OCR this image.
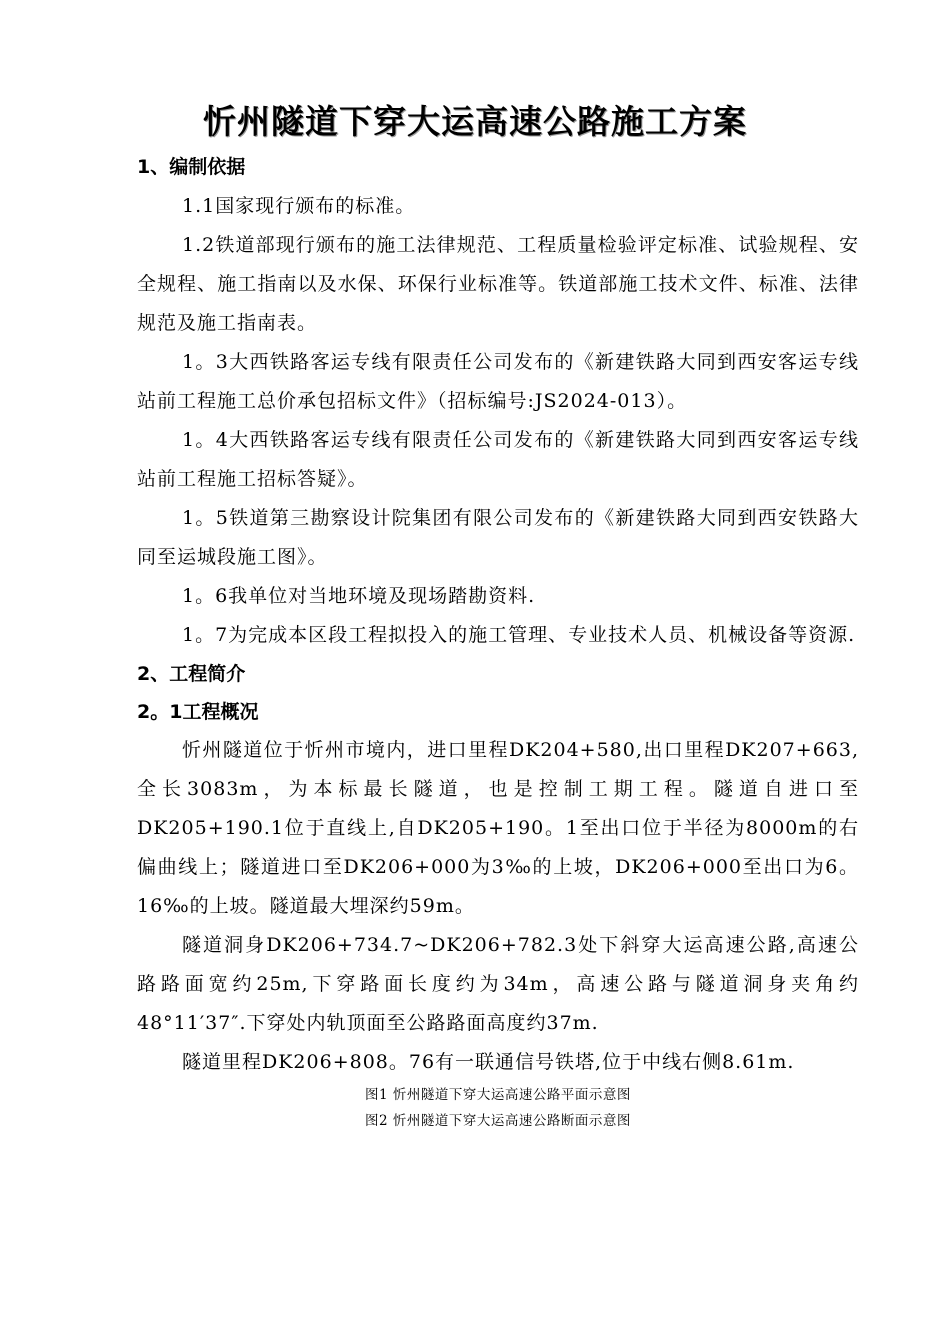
忻州隧道下穿大运高速公路施工方案
1、编制依据

1.1国家现行颁布的标准。

1.2铁道部现行颁布的施工法律规范、工程质量检验评定标准、试验规程、安全规程、施工指南以及水保、环保行业标准等。铁道部施工技术文件、标准、法律规范及施工指南表。

1。3大西铁路客运专线有限责任公司发布的《新建铁路大同到西安客运专线站前工程施工总价承包招标文件》（招标编号:JS2024-013）。

1。4大西铁路客运专线有限责任公司发布的《新建铁路大同到西安客运专线站前工程施工招标答疑》。

1。5铁道第三勘察设计院集团有限公司发布的《新建铁路大同到西安铁路大同至运城段施工图》。

1。6我单位对当地环境及现场踏勘资料.

1。7为完成本区段工程拟投入的施工管理、专业技术人员、机械设备等资源.

2、工程简介
2。1工程概况

忻州隧道位于忻州市境内，进口里程DK204+580,出口里程DK207+663,全长3083m，为本标最长隧道，也是控制工期工程。隧道自进口至DK205+190.1位于直线上,自DK205+190。1至出口位于半径为8000m的右偏曲线上；隧道进口至DK206+000为3‰的上坡，DK206+000至出口为6。16‰的上坡。隧道最大埋深约59m。

隧道洞身DK206+734.7~DK206+782.3处下斜穿大运高速公路,高速公路路面宽约25m,下穿路面长度约为34m，高速公路与隧道洞身夹角约48°11′37″.下穿处内轨顶面至公路路面高度约37m.

隧道里程DK206+808。76有一联通信号铁塔,位于中线右侧8.61m.

图1 忻州隧道下穿大运高速公路平面示意图

图2 忻州隧道下穿大运高速公路断面示意图
